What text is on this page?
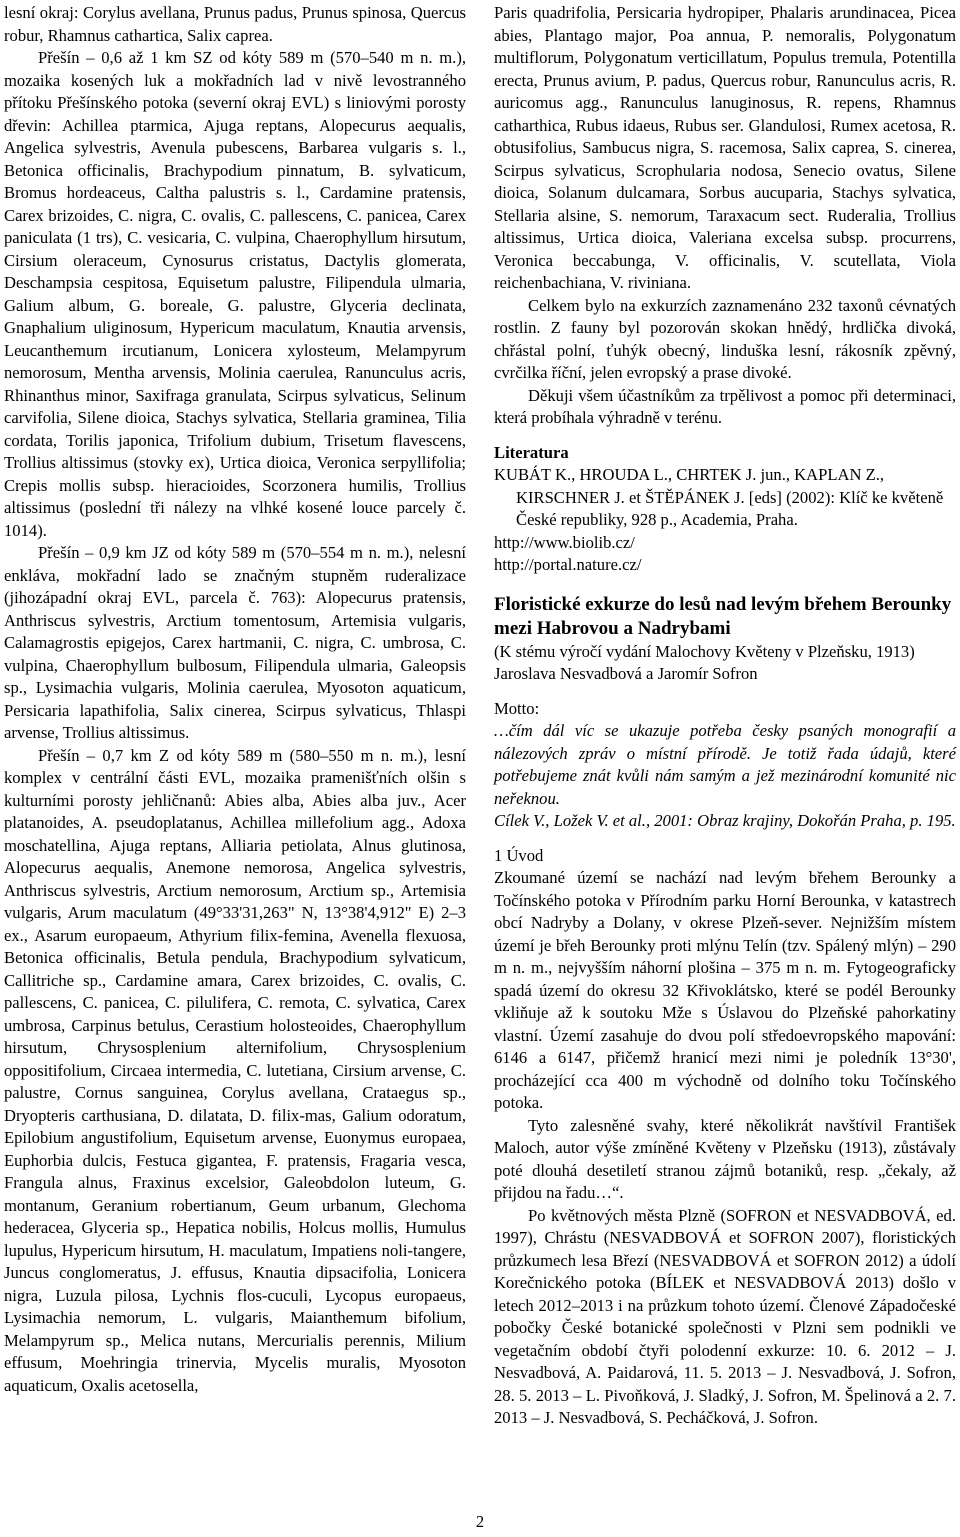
lesní okraj: Corylus avellana, Prunus padus, Prunus spinosa, Quercus robur, Rhamnus cathartica, Salix caprea.

Přešín – 0,6 až 1 km SZ od kóty 589 m (570–540 m n. m.), mozaika kosených luk a mokřadních lad v nivě levostranného přítoku Přešínského potoka (severní okraj EVL) s liniovými porosty dřevin: Achillea ptarmica, Ajuga reptans, Alopecurus aequalis, Angelica sylvestris, Avenula pubescens, Barbarea vulgaris s. l., Betonica officinalis, Brachypodium pinnatum, B. sylvaticum, Bromus hordeaceus, Caltha palustris s. l., Cardamine pratensis, Carex brizoides, C. nigra, C. ovalis, C. pallescens, C. panicea, Carex paniculata (1 trs), C. vesicaria, C. vulpina, Chaerophyllum hirsutum, Cirsium oleraceum, Cynosurus cristatus, Dactylis glomerata, Deschampsia cespitosa, Equisetum palustre, Filipendula ulmaria, Galium album, G. boreale, G. palustre, Glyceria declinata, Gnaphalium uliginosum, Hypericum maculatum, Knautia arvensis, Leucanthemum ircutianum, Lonicera xylosteum, Melampyrum nemorosum, Mentha arvensis, Molinia caerulea, Ranunculus acris, Rhinanthus minor, Saxifraga granulata, Scirpus sylvaticus, Selinum carvifolia, Silene dioica, Stachys sylvatica, Stellaria graminea, Tilia cordata, Torilis japonica, Trifolium dubium, Trisetum flavescens, Trollius altissimus (stovky ex), Urtica dioica, Veronica serpyllifolia; Crepis mollis subsp. hieracioides, Scorzonera humilis, Trollius altissimus (poslední tři nálezy na vlhké kosené louce parcely č. 1014).

Přešín – 0,9 km JZ od kóty 589 m (570–554 m n. m.), nelesní enkláva, mokřadní lado se značným stupněm ruderalizace (jihozápadní okraj EVL, parcela č. 763): Alopecurus pratensis, Anthriscus sylvestris, Arctium tomentosum, Artemisia vulgaris, Calamagrostis epigejos, Carex hartmanii, C. nigra, C. umbrosa, C. vulpina, Chaerophyllum bulbosum, Filipendula ulmaria, Galeopsis sp., Lysimachia vulgaris, Molinia caerulea, Myosoton aquaticum, Persicaria lapathifolia, Salix cinerea, Scirpus sylvaticus, Thlaspi arvense, Trollius altissimus.

Přešín – 0,7 km Z od kóty 589 m (580–550 m n. m.), lesní komplex v centrální části EVL, mozaika pramenišťních olšin s kulturními porosty jehličnanů: Abies alba, Abies alba juv., Acer platanoides, A. pseudoplatanus, Achillea millefolium agg., Adoxa moschatellina, Ajuga reptans, Alliaria petiolata, Alnus glutinosa, Alopecurus aequalis, Anemone nemorosa, Angelica sylvestris, Anthriscus sylvestris, Arctium nemorosum, Arctium sp., Artemisia vulgaris, Arum maculatum (49°33'31,263" N, 13°38'4,912" E) 2–3 ex., Asarum europaeum, Athyrium filix-femina, Avenella flexuosa, Betonica officinalis, Betula pendula, Brachypodium sylvaticum, Callitriche sp., Cardamine amara, Carex brizoides, C. ovalis, C. pallescens, C. panicea, C. pilulifera, C. remota, C. sylvatica, Carex umbrosa, Carpinus betulus, Cerastium holosteoides, Chaerophyllum hirsutum, Chrysosplenium alternifolium, Chrysosplenium oppositifolium, Circaea intermedia, C. lutetiana, Cirsium arvense, C. palustre, Cornus sanguinea, Corylus avellana, Crataegus sp., Dryopteris carthusiana, D. dilatata, D. filix-mas, Galium odoratum, Epilobium angustifolium, Equisetum arvense, Euonymus europaea, Euphorbia dulcis, Festuca gigantea, F. pratensis, Fragaria vesca, Frangula alnus, Fraxinus excelsior, Galeobdolon luteum, G. montanum, Geranium robertianum, Geum urbanum, Glechoma hederacea, Glyceria sp., Hepatica nobilis, Holcus mollis, Humulus lupulus, Hypericum hirsutum, H. maculatum, Impatiens noli-tangere, Juncus conglomeratus, J. effusus, Knautia dipsacifolia, Lonicera nigra, Luzula pilosa, Lychnis flos-cuculi, Lycopus europaeus, Lysimachia nemorum, L. vulgaris, Maianthemum bifolium, Melampyrum sp., Melica nutans, Mercurialis perennis, Milium effusum, Moehringia trinervia, Mycelis muralis, Myosoton aquaticum, Oxalis acetosella,

Paris quadrifolia, Persicaria hydropiper, Phalaris arundinacea, Picea abies, Plantago major, Poa annua, P. nemoralis, Polygonatum multiflorum, Polygonatum verticillatum, Populus tremula, Potentilla erecta, Prunus avium, P. padus, Quercus robur, Ranunculus acris, R. auricomus agg., Ranunculus lanuginosus, R. repens, Rhamnus catharthica, Rubus idaeus, Rubus ser. Glandulosi, Rumex acetosa, R. obtusifolius, Sambucus nigra, S. racemosa, Salix caprea, S. cinerea, Scirpus sylvaticus, Scrophularia nodosa, Senecio ovatus, Silene dioica, Solanum dulcamara, Sorbus aucuparia, Stachys sylvatica, Stellaria alsine, S. nemorum, Taraxacum sect. Ruderalia, Trollius altissimus, Urtica dioica, Valeriana excelsa subsp. procurrens, Veronica beccabunga, V. officinalis, V. scutellata, Viola reichenbachiana, V. riviniana.

Celkem bylo na exkurzích zaznamenáno 232 taxonů cévnatých rostlin. Z fauny byl pozorován skokan hnědý, hrdlička divoká, chřástal polní, ťuhýk obecný, linduška lesní, rákosník zpěvný, cvrčilka říční, jelen evropský a prase divoké.

Děkuji všem účastníkům za trpělivost a pomoc při determinaci, která probíhala výhradně v terénu.

Literatura

KUBÁT K., HROUDA L., CHRTEK J. jun., KAPLAN Z., KIRSCHNER J. et ŠTĚPÁNEK J. [eds] (2002): Klíč ke květeně České republiky, 928 p., Academia, Praha.

http://www.biolib.cz/

http://portal.nature.cz/

Floristické exkurze do lesů nad levým břehem Berounky mezi Habrovou a Nadrybami

(K stému výročí vydání Malochovy Květeny v Plzeňsku, 1913)

Jaroslava Nesvadbová a Jaromír Sofron

Motto:

…čím dál víc se ukazuje potřeba česky psaných monografií a nálezových zpráv o místní přírodě. Je totiž řada údajů, které potřebujeme znát kvůli nám samým a jež mezinárodní komunité nic neřeknou.

Cílek V., Ložek V. et al., 2001: Obraz krajiny, Dokořán Praha, p. 195.

1 Úvod

Zkoumané území se nachází nad levým břehem Berounky a Točínského potoka v Přírodním parku Horní Berounka, v katastrech obcí Nadryby a Dolany, v okrese Plzeň-sever. Nejnižším místem území je břeh Berounky proti mlýnu Telín (tzv. Spálený mlýn) – 290 m n. m., nejvyšším náhorní plošina – 375 m n. m. Fytogeograficky spadá území do okresu 32 Křivoklátsko, které se podél Berounky vkliňuje až k soutoku Mže s Úslavou do Plzeňské pahorkatiny vlastní. Území zasahuje do dvou polí středoevropského mapování: 6146 a 6147, přičemž hranicí mezi nimi je poledník 13°30', procházející cca 400 m východně od dolního toku Točínského potoka.

Tyto zalesněné svahy, které několikrát navštívil František Maloch, autor výše zmíněné Květeny v Plzeňsku (1913), zůstávaly poté dlouhá desetiletí stranou zájmů botaniků, resp. „čekaly, až přijdou na řadu…“.

Po květnových města Plzně (SOFRON et NESVADBOVÁ, ed. 1997), Chrástu (NESVADBOVÁ et SOFRON 2007), floristických průzkumech lesa Březí (NESVADBOVÁ et SOFRON 2012) a údolí Korečnického potoka (BÍLEK et NESVADBOVÁ 2013) došlo v letech 2012–2013 i na průzkum tohoto území. Členové Západočeské pobočky České botanické společnosti v Plzni sem podnikli ve vegetačním období čtyři polodenní exkurze: 10. 6. 2012 – J. Nesvadbová, A. Paidarová, 11. 5. 2013 – J. Nesvadbová, J. Sofron, 28. 5. 2013 – L. Pivoňková, J. Sladký, J. Sofron, M. Špelinová a 2. 7. 2013 – J. Nesvadbová, S. Pecháčková, J. Sofron.

2
